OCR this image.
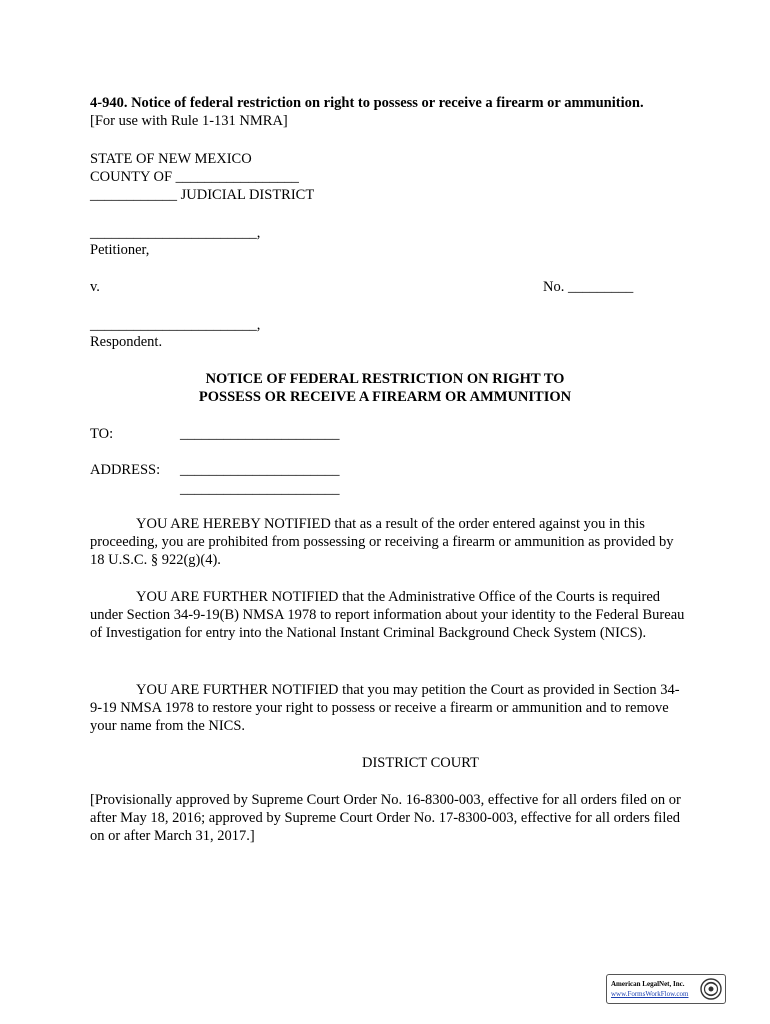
4-940. Notice of federal restriction on right to possess or receive a firearm or ammunition.
[For use with Rule 1-131 NMRA]
STATE OF NEW MEXICO
COUNTY OF _________________
____________ JUDICIAL DISTRICT
_______________________,
Petitioner,
v.	No. _________
_______________________,
Respondent.
NOTICE OF FEDERAL RESTRICTION ON RIGHT TO
POSSESS OR RECEIVE A FIREARM OR AMMUNITION
TO:	______________________
ADDRESS: ______________________
______________________
YOU ARE HEREBY NOTIFIED that as a result of the order entered against you in this proceeding, you are prohibited from possessing or receiving a firearm or ammunition as provided by 18 U.S.C. § 922(g)(4).
YOU ARE FURTHER NOTIFIED that the Administrative Office of the Courts is required under Section 34-9-19(B) NMSA 1978 to report information about your identity to the Federal Bureau of Investigation for entry into the National Instant Criminal Background Check System (NICS).
YOU ARE FURTHER NOTIFIED that you may petition the Court as provided in Section 34-9-19 NMSA 1978 to restore your right to possess or receive a firearm or ammunition and to remove your name from the NICS.
DISTRICT COURT
[Provisionally approved by Supreme Court Order No. 16-8300-003, effective for all orders filed on or after May 18, 2016; approved by Supreme Court Order No. 17-8300-003, effective for all orders filed on or after March 31, 2017.]
American LegalNet, Inc.
www.FormsWorkFlow.com
